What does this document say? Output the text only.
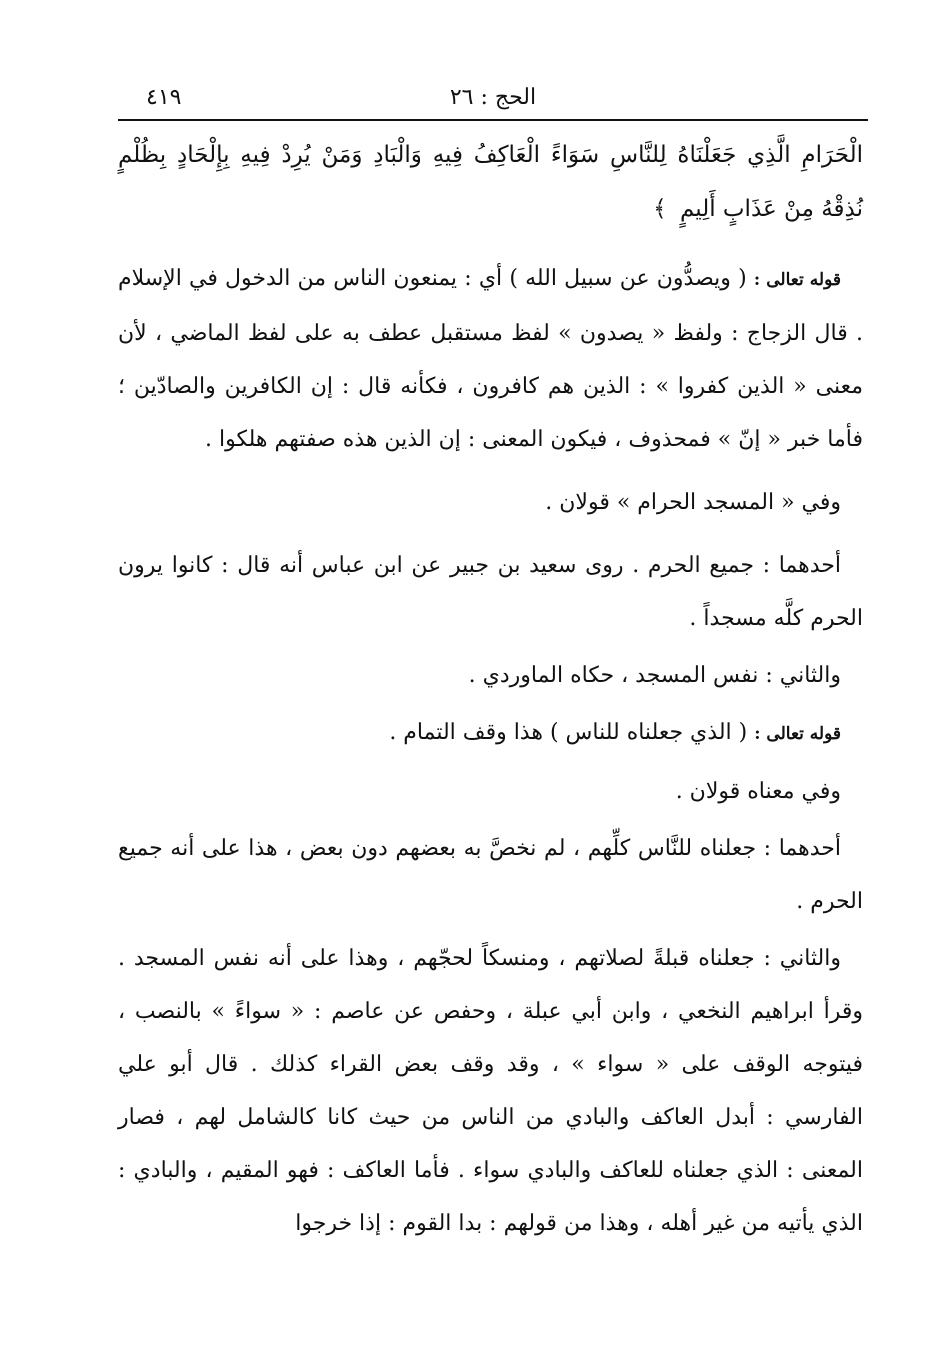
الحج : ٢٦
٤١٩

الْحَرَامِ الَّذِي جَعَلْنَاهُ لِلنَّاسِ سَوَاءً الْعَاكِفُ فِيهِ وَالْبَادِ وَمَنْ يُرِدْ فِيهِ بِإِلْحَادٍ بِظُلْمٍ نُذِقْهُ مِنْ عَذَابٍ أَلِيمٍ ﴾

قوله تعالى : ( ويصدُّون عن سبيل الله ) أي : يمنعون الناس من الدخول في الإسلام . قال الزجاج : ولفظ « يصدون » لفظ مستقبل عطف به على لفظ الماضي ، لأن معنى « الذين كفروا » : الذين هم كافرون ، فكأنه قال : إن الكافرين والصادّين ؛ فأما خبر « إنّ » فمحذوف ، فيكون المعنى : إن الذين هذه صفتهم هلكوا .

وفي « المسجد الحرام » قولان .

أحدهما : جميع الحرم . روى سعيد بن جبير عن ابن عباس أنه قال : كانوا يرون الحرم كلَّه مسجداً .

والثاني : نفس المسجد ، حكاه الماوردي .

قوله تعالى : ( الذي جعلناه للناس ) هذا وقف التمام .

وفي معناه قولان .

أحدهما : جعلناه للنَّاس كلِّهم ، لم نخصَّ به بعضهم دون بعض ، هذا على أنه جميع الحرم .

والثاني : جعلناه قبلةً لصلاتهم ، ومنسكاً لحجّهم ، وهذا على أنه نفس المسجد . وقرأ ابراهيم النخعي ، وابن أبي عبلة ، وحفص عن عاصم : « سواءً » بالنصب ، فيتوجه الوقف على « سواء » ، وقد وقف بعض القراء كذلك . قال أبو علي الفارسي : أبدل العاكف والبادي من الناس من حيث كانا كالشامل لهم ، فصار المعنى : الذي جعلناه للعاكف والبادي سواء . فأما العاكف : فهو المقيم ، والبادي : الذي يأتيه من غير أهله ، وهذا من قولهم : بدا القوم : إذا خرجوا
